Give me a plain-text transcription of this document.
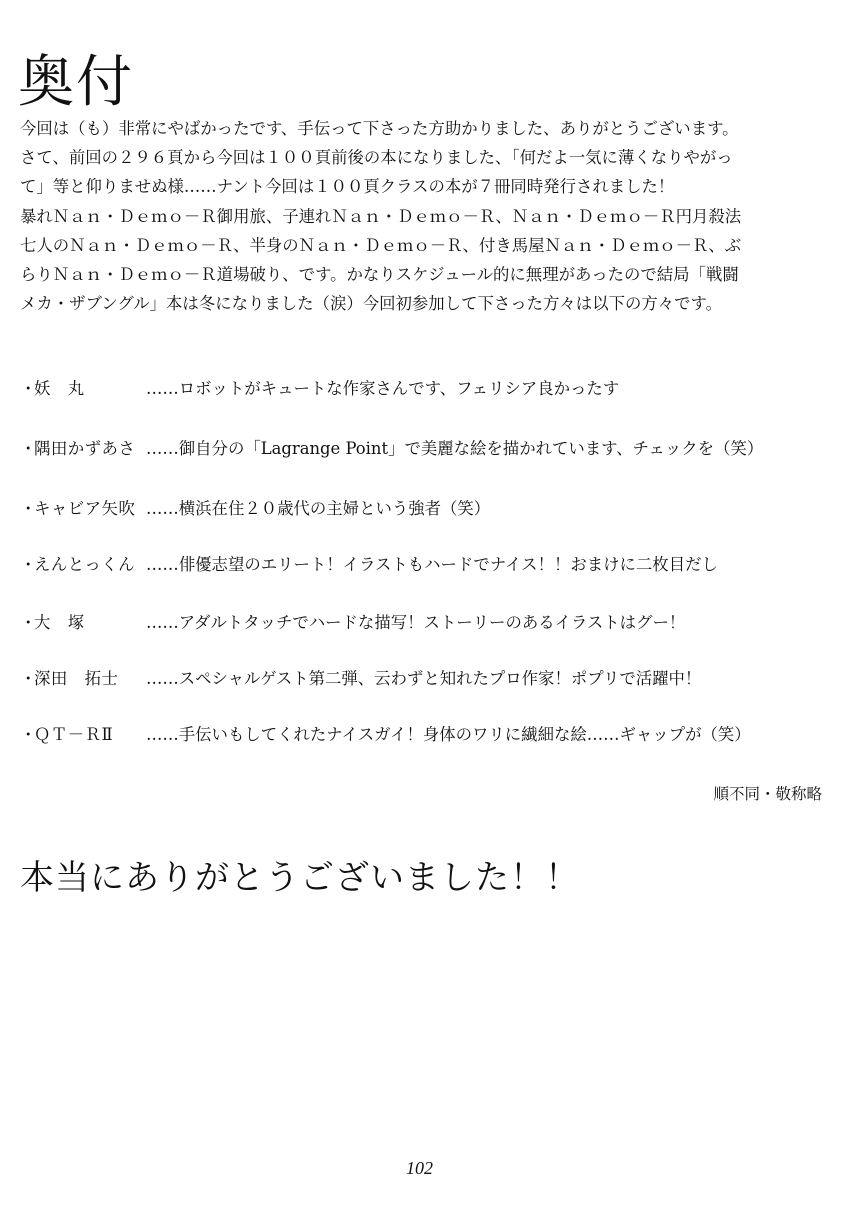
奥付

今回は（も）非常にやばかったです、手伝って下さった方助かりました、ありがとうございます。

さて、前回の２９６頁から今回は１００頁前後の本になりました、「何だよ一気に薄くなりやがっ

て」等と仰りませぬ様……ナント今回は１００頁クラスの本が７冊同時発行されました！

暴れＮａｎ・Ｄｅｍｏ－Ｒ御用旅、子連れＮａｎ・Ｄｅｍｏ－Ｒ、Ｎａｎ・Ｄｅｍｏ－Ｒ円月殺法

七人のＮａｎ・Ｄｅｍｏ－Ｒ、半身のＮａｎ・Ｄｅｍｏ－Ｒ、付き馬屋Ｎａｎ・Ｄｅｍｏ－Ｒ、ぶ

らりＮａｎ・Ｄｅｍｏ－Ｒ道場破り、です。かなりスケジュール的に無理があったので結局「戦闘

メカ・ザブングル」本は冬になりました（涙）今回初参加して下さった方々は以下の方々です。

・妖　丸	……ロボットがキュートな作家さんです、フェリシア良かったす
・隅田かずあさ ……御自分の「Lagrange Point」で美麗な絵を描かれています、チェックを（笑）
・キャビア矢吹 ……横浜在住２０歳代の主婦という強者（笑）
・えんとっくん ……俳優志望のエリート！イラストもハードでナイス！！おまけに二枚目だし
・大　塚	……アダルトタッチでハードな描写！ストーリーのあるイラストはグー！
・深田　拓士 ……スペシャルゲスト第二弾、云わずと知れたプロ作家！ポプリで活躍中！
・ＱＴ－ＲⅡ ……手伝いもしてくれたナイスガイ！身体のワリに繊細な絵……ギャップが（笑）
順不同・敬称略
本当にありがとうございました！！
102
